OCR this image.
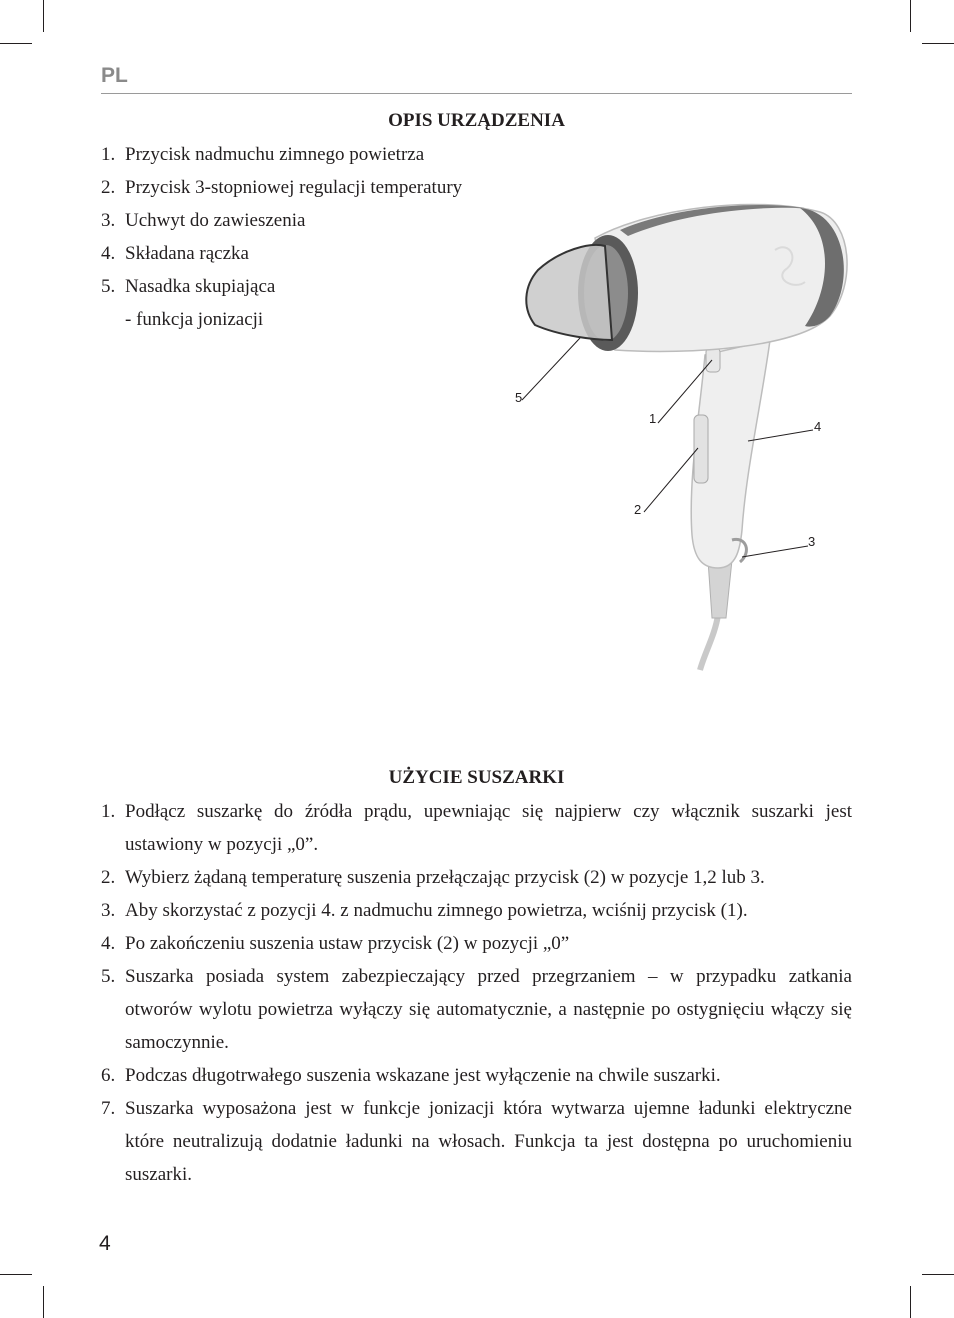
PL
OPIS URZĄDZENIA
1. Przycisk nadmuchu zimnego powietrza
2. Przycisk 3-stopniowej regulacji temperatury
3. Uchwyt do zawieszenia
4. Składana rączka
5. Nasadka skupiająca
- funkcja jonizacji
5
1
4
2
3
UŻYCIE SUSZARKI
1. Podłącz suszarkę do źródła prądu, upewniając się najpierw czy włącznik suszarki jest ustawiony w pozycji „0”.
2. Wybierz żądaną temperaturę suszenia przełączając przycisk (2) w pozycje 1,2 lub 3.
3. Aby skorzystać z pozycji 4. z nadmuchu zimnego powietrza, wciśnij przycisk (1).
4. Po zakończeniu suszenia ustaw przycisk (2) w pozycji „0”
5. Suszarka posiada system zabezpieczający przed przegrzaniem – w przypadku zatkania otworów wylotu powietrza wyłączy się automatycznie, a następnie po ostygnięciu włączy się samoczynnie.
6. Podczas długotrwałego suszenia wskazane jest wyłączenie na chwile suszarki.
7. Suszarka wyposażona jest w funkcje jonizacji która wytwarza ujemne ładunki elektryczne które neutralizują dodatnie ładunki na włosach. Funkcja ta jest dostępna po uruchomieniu suszarki.
4
